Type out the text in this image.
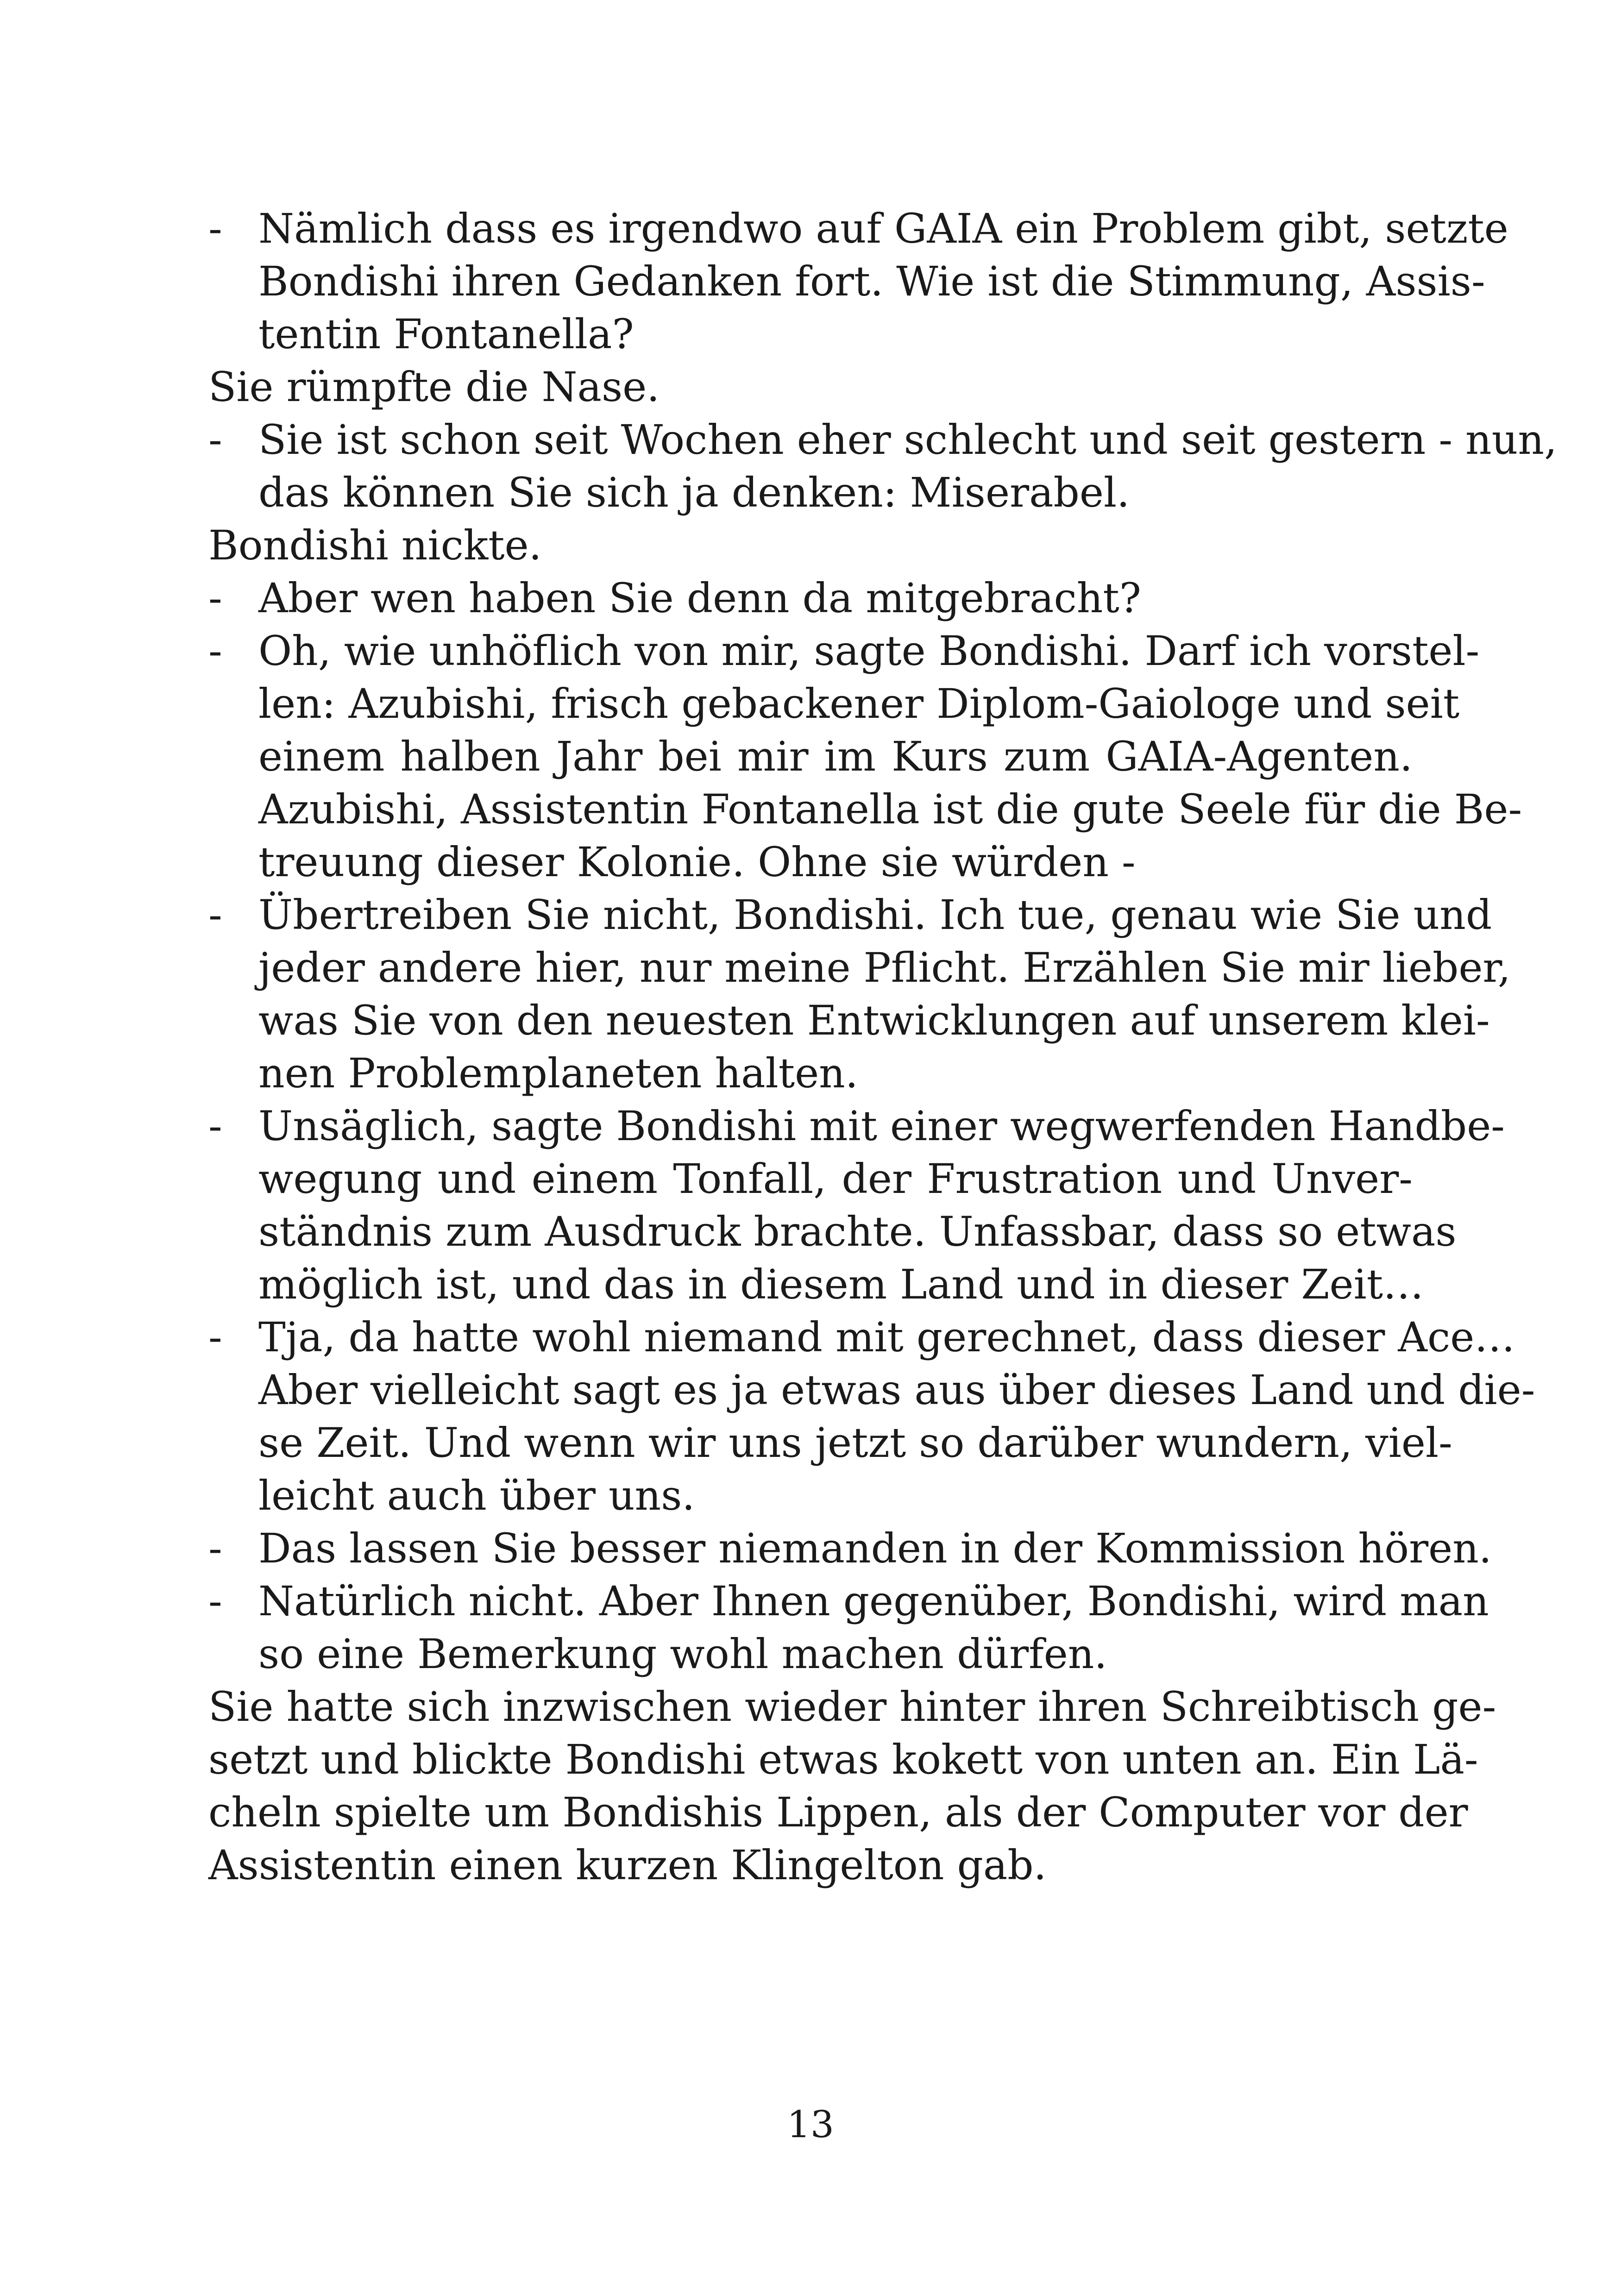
- Nämlich dass es irgendwo auf GAIA ein Problem gibt, setzte
Bondishi ihren Gedanken fort. Wie ist die Stimmung, Assis-
tentin Fontanella?
Sie rümpfte die Nase.
- Sie ist schon seit Wochen eher schlecht und seit gestern - nun,
das können Sie sich ja denken: Miserabel.
Bondishi nickte.
- Aber wen haben Sie denn da mitgebracht?
- Oh, wie unhöflich von mir, sagte Bondishi. Darf ich vorstel-
len: Azubishi, frisch gebackener Diplom-Gaiologe und seit
einem halben Jahr bei mir im Kurs zum GAIA-Agenten.
Azubishi, Assistentin Fontanella ist die gute Seele für die Be-
treuung dieser Kolonie. Ohne sie würden -
- Übertreiben Sie nicht, Bondishi. Ich tue, genau wie Sie und
jeder andere hier, nur meine Pflicht. Erzählen Sie mir lieber,
was Sie von den neuesten Entwicklungen auf unserem klei-
nen Problemplaneten halten.
- Unsäglich, sagte Bondishi mit einer wegwerfenden Handbe-
wegung und einem Tonfall, der Frustration und Unver-
ständnis zum Ausdruck brachte. Unfassbar, dass so etwas
möglich ist, und das in diesem Land und in dieser Zeit…
- Tja, da hatte wohl niemand mit gerechnet, dass dieser Ace…
Aber vielleicht sagt es ja etwas aus über dieses Land und die-
se Zeit. Und wenn wir uns jetzt so darüber wundern, viel-
leicht auch über uns.
- Das lassen Sie besser niemanden in der Kommission hören.
- Natürlich nicht. Aber Ihnen gegenüber, Bondishi, wird man
so eine Bemerkung wohl machen dürfen.
Sie hatte sich inzwischen wieder hinter ihren Schreibtisch ge-
setzt und blickte Bondishi etwas kokett von unten an. Ein Lä-
cheln spielte um Bondishis Lippen, als der Computer vor der
Assistentin einen kurzen Klingelton gab.
13
